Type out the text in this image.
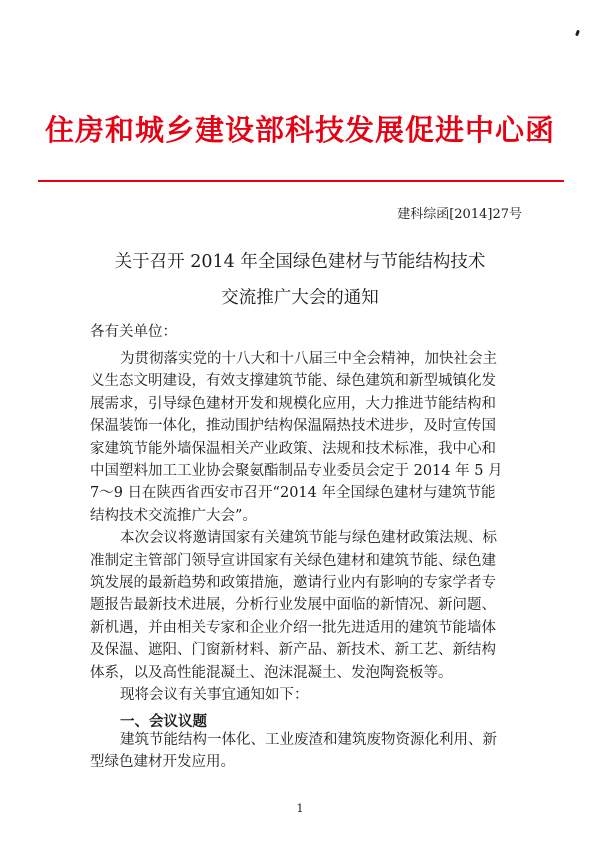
住房和城乡建设部科技发展促进中心函
建科综函[2014]27号
关于召开 2014 年全国绿色建材与节能结构技术
交流推广大会的通知
各有关单位：
为贯彻落实党的十八大和十八届三中全会精神，加快社会主
义生态文明建设，有效支撑建筑节能、绿色建筑和新型城镇化发
展需求，引导绿色建材开发和规模化应用，大力推进节能结构和
保温装饰一体化，推动围护结构保温隔热技术进步，及时宣传国
家建筑节能外墙保温相关产业政策、法规和技术标准，我中心和
中国塑料加工工业协会聚氨酯制品专业委员会定于 2014 年 5 月
7～9 日在陕西省西安市召开“2014 年全国绿色建材与建筑节能
结构技术交流推广大会”。
本次会议将邀请国家有关建筑节能与绿色建材政策法规、标
准制定主管部门领导宣讲国家有关绿色建材和建筑节能、绿色建
筑发展的最新趋势和政策措施，邀请行业内有影响的专家学者专
题报告最新技术进展，分析行业发展中面临的新情况、新问题、
新机遇，并由相关专家和企业介绍一批先进适用的建筑节能墙体
及保温、遮阳、门窗新材料、新产品、新技术、新工艺、新结构
体系，以及高性能混凝土、泡沫混凝土、发泡陶瓷板等。
现将会议有关事宜通知如下：
一、会议议题
建筑节能结构一体化、工业废渣和建筑废物资源化利用、新
型绿色建材开发应用。
1
